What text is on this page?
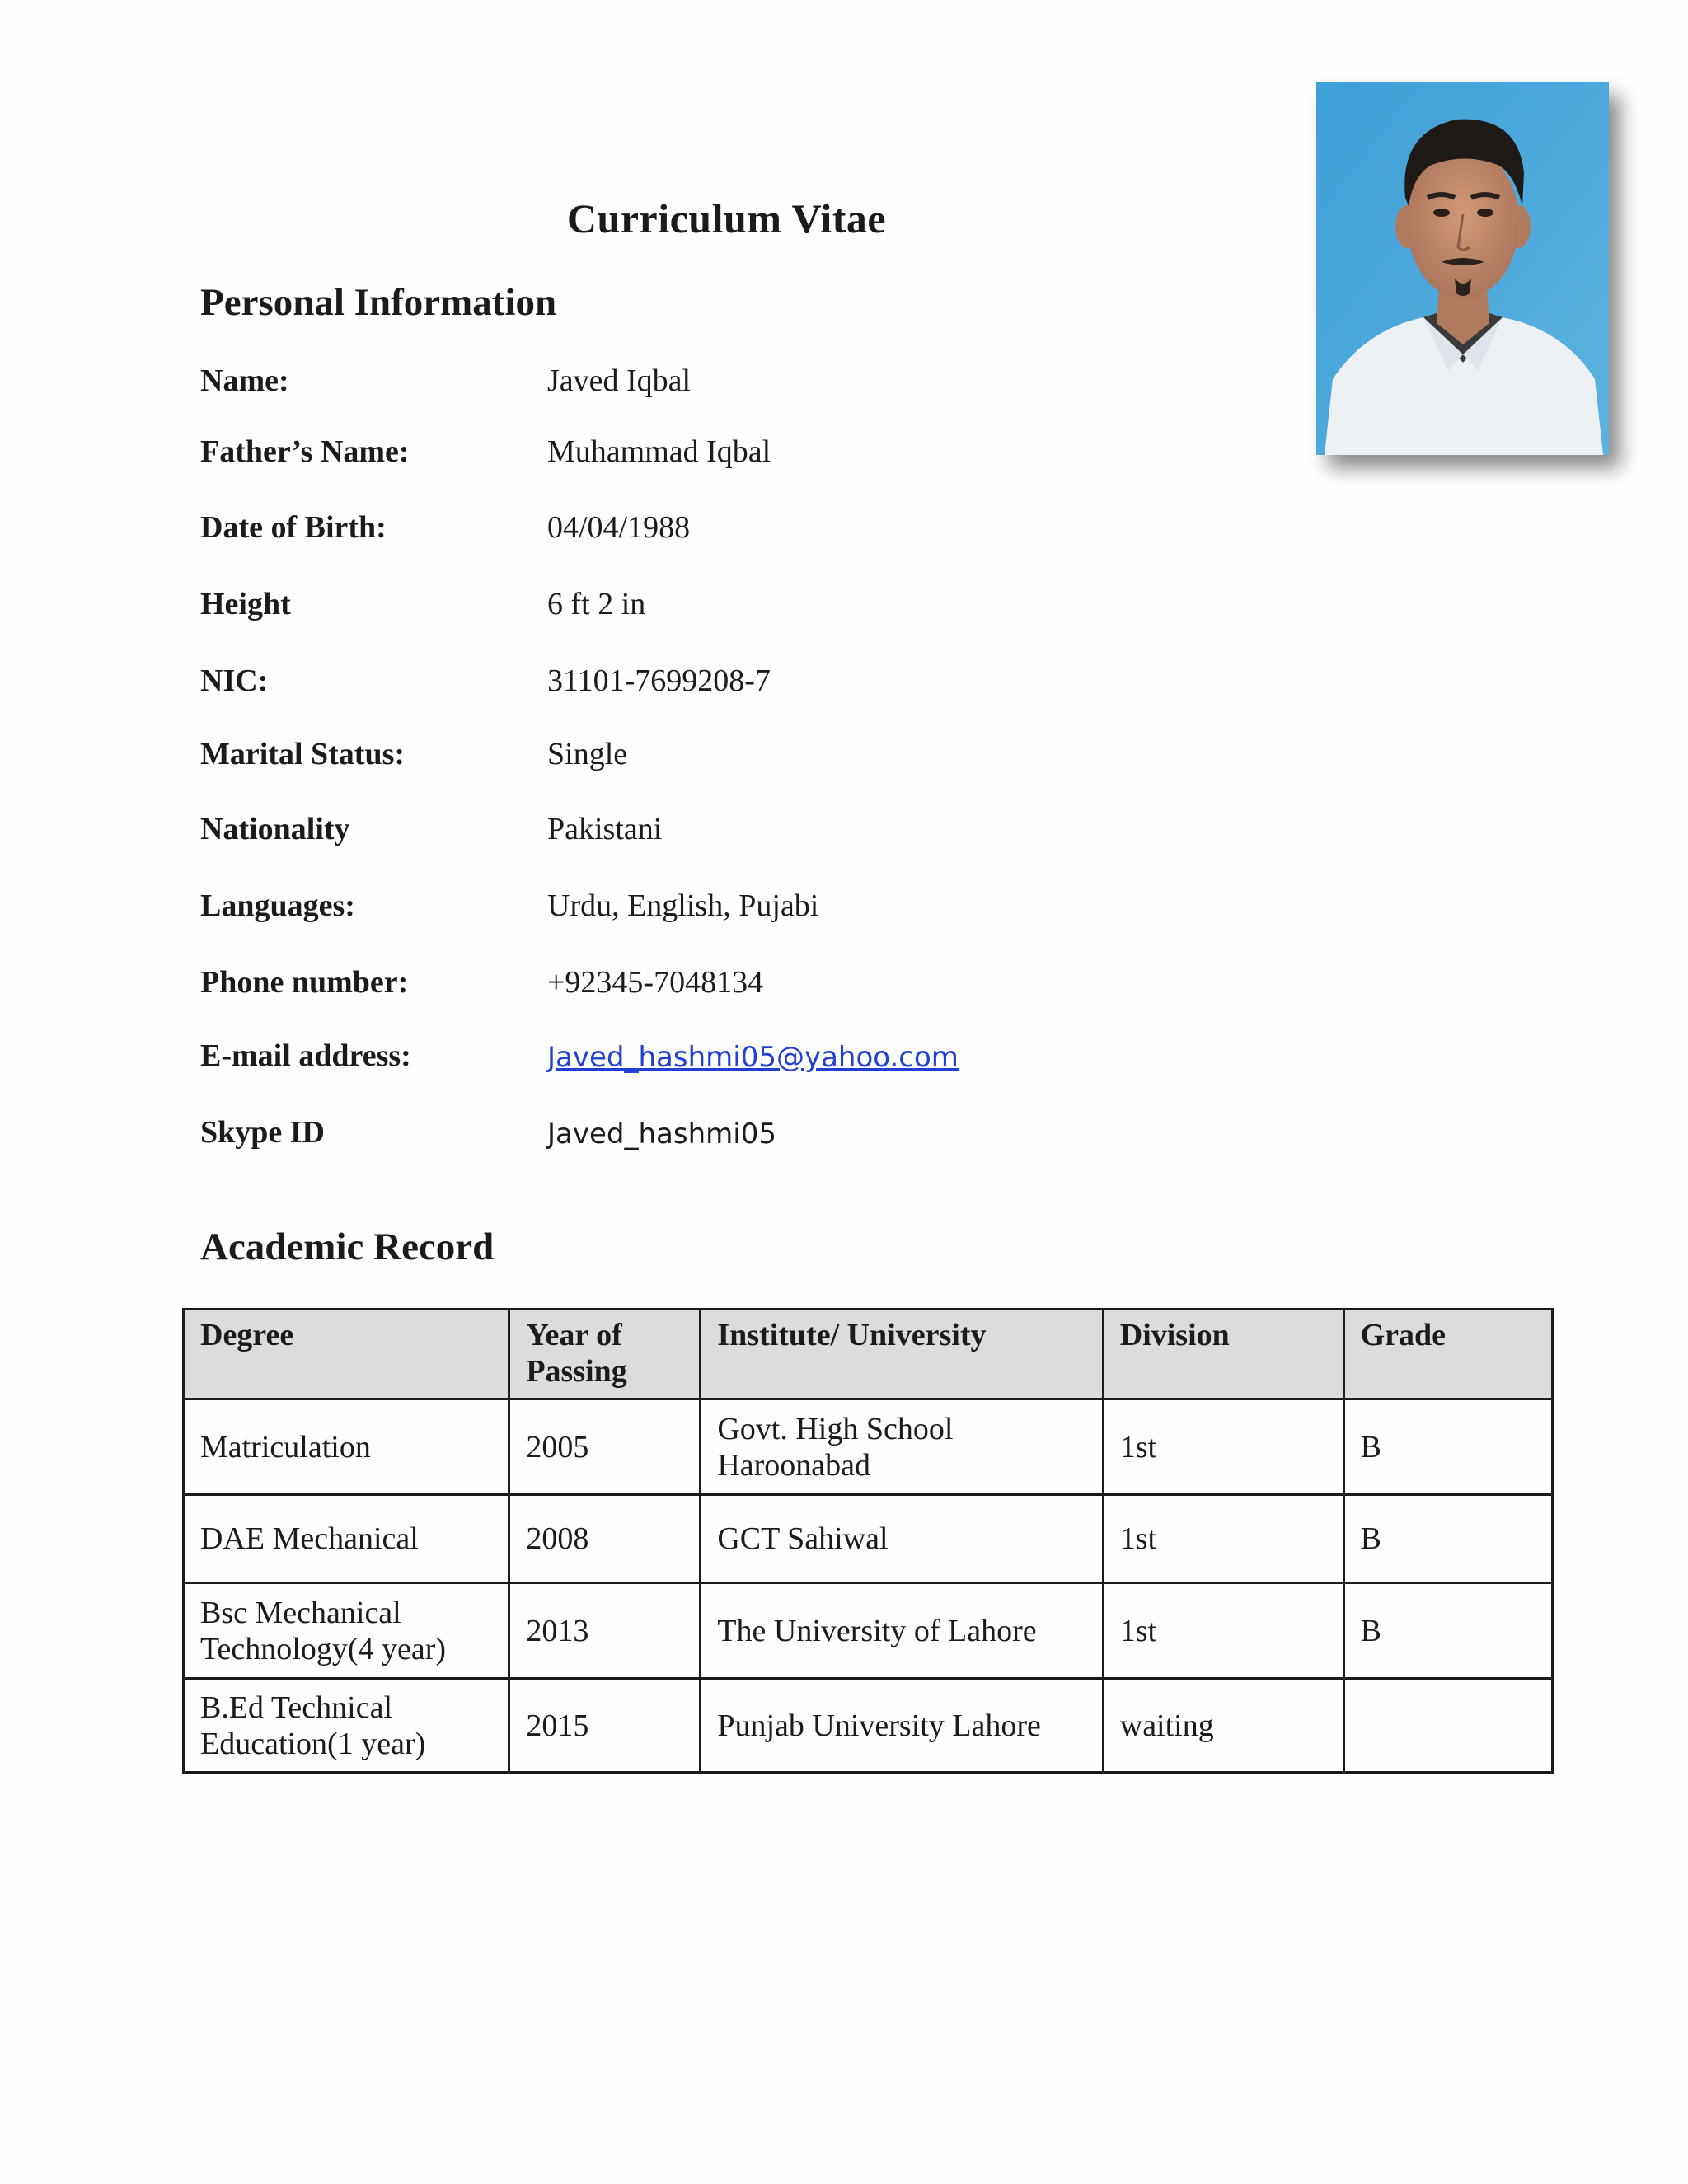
Curriculum Vitae
Personal Information
Name:	Javed Iqbal
Father’s Name:	Muhammad Iqbal
Date of Birth:	04/04/1988
Height	6 ft 2 in
NIC:	31101-7699208-7
Marital Status:	Single
Nationality	Pakistani
Languages:	Urdu, English, Pujabi
Phone number:	+92345-7048134
E-mail address:	Javed_hashmi05@yahoo.com
Skype ID	Javed_hashmi05
Academic Record
Degree	Year of Passing	Institute/ University	Division	Grade
Matriculation	2005	Govt. High School Haroonabad	1st	B
DAE Mechanical	2008	GCT Sahiwal	1st	B
Bsc Mechanical Technology(4 year)	2013	The University of Lahore	1st	B
B.Ed Technical Education(1 year)	2015	Punjab University Lahore	waiting	
